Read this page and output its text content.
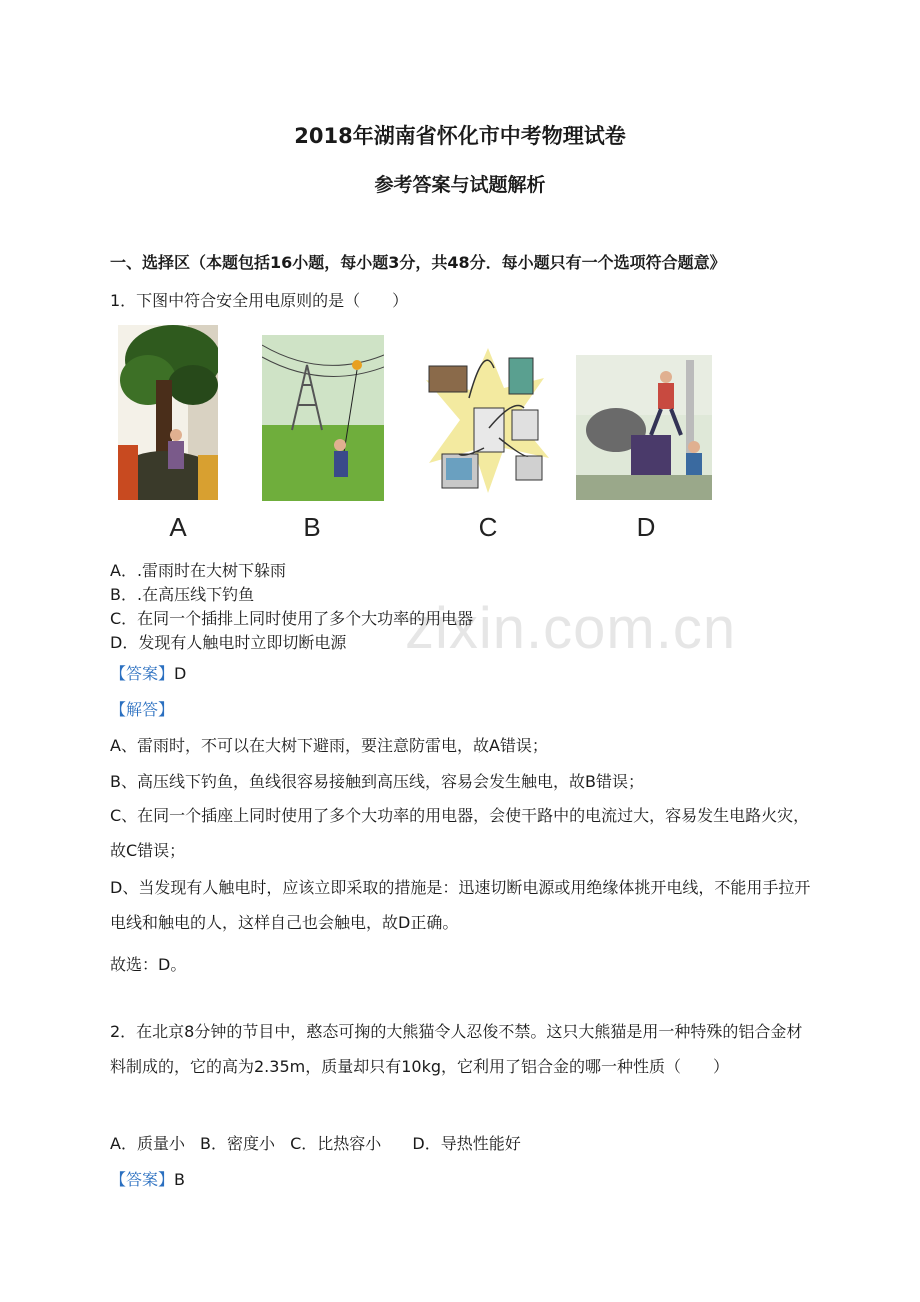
zixin.com.cn
2018年湖南省怀化市中考物理试卷
参考答案与试题解析
一、选择区（本题包括16小题，每小题3分，共48分．每小题只有一个选项符合题意》
1．下图中符合安全用电原则的是（　　）
A	B	C	D
A．.雷雨时在大树下躲雨
B．.在高压线下钓鱼
C．在同一个插排上同时使用了多个大功率的用电器
D．发现有人触电时立即切断电源
【答案】D
【解答】
A、雷雨时，不可以在大树下避雨，要注意防雷电，故A错误；
B、高压线下钓鱼，鱼线很容易接触到高压线，容易会发生触电，故B错误；
C、在同一个插座上同时使用了多个大功率的用电器，会使干路中的电流过大，容易发生电路火灾，故C错误；
D、当发现有人触电时，应该立即采取的措施是：迅速切断电源或用绝缘体挑开电线，不能用手拉开电线和触电的人，这样自己也会触电，故D正确。
故选：D。
2．在北京8分钟的节目中，憨态可掬的大熊猫令人忍俊不禁。这只大熊猫是用一种特殊的铝合金材料制成的，它的高为2.35m，质量却只有10kg，它利用了铝合金的哪一种性质（　　）
A．质量小 B．密度小 C．比热容小 D．导热性能好
【答案】B
